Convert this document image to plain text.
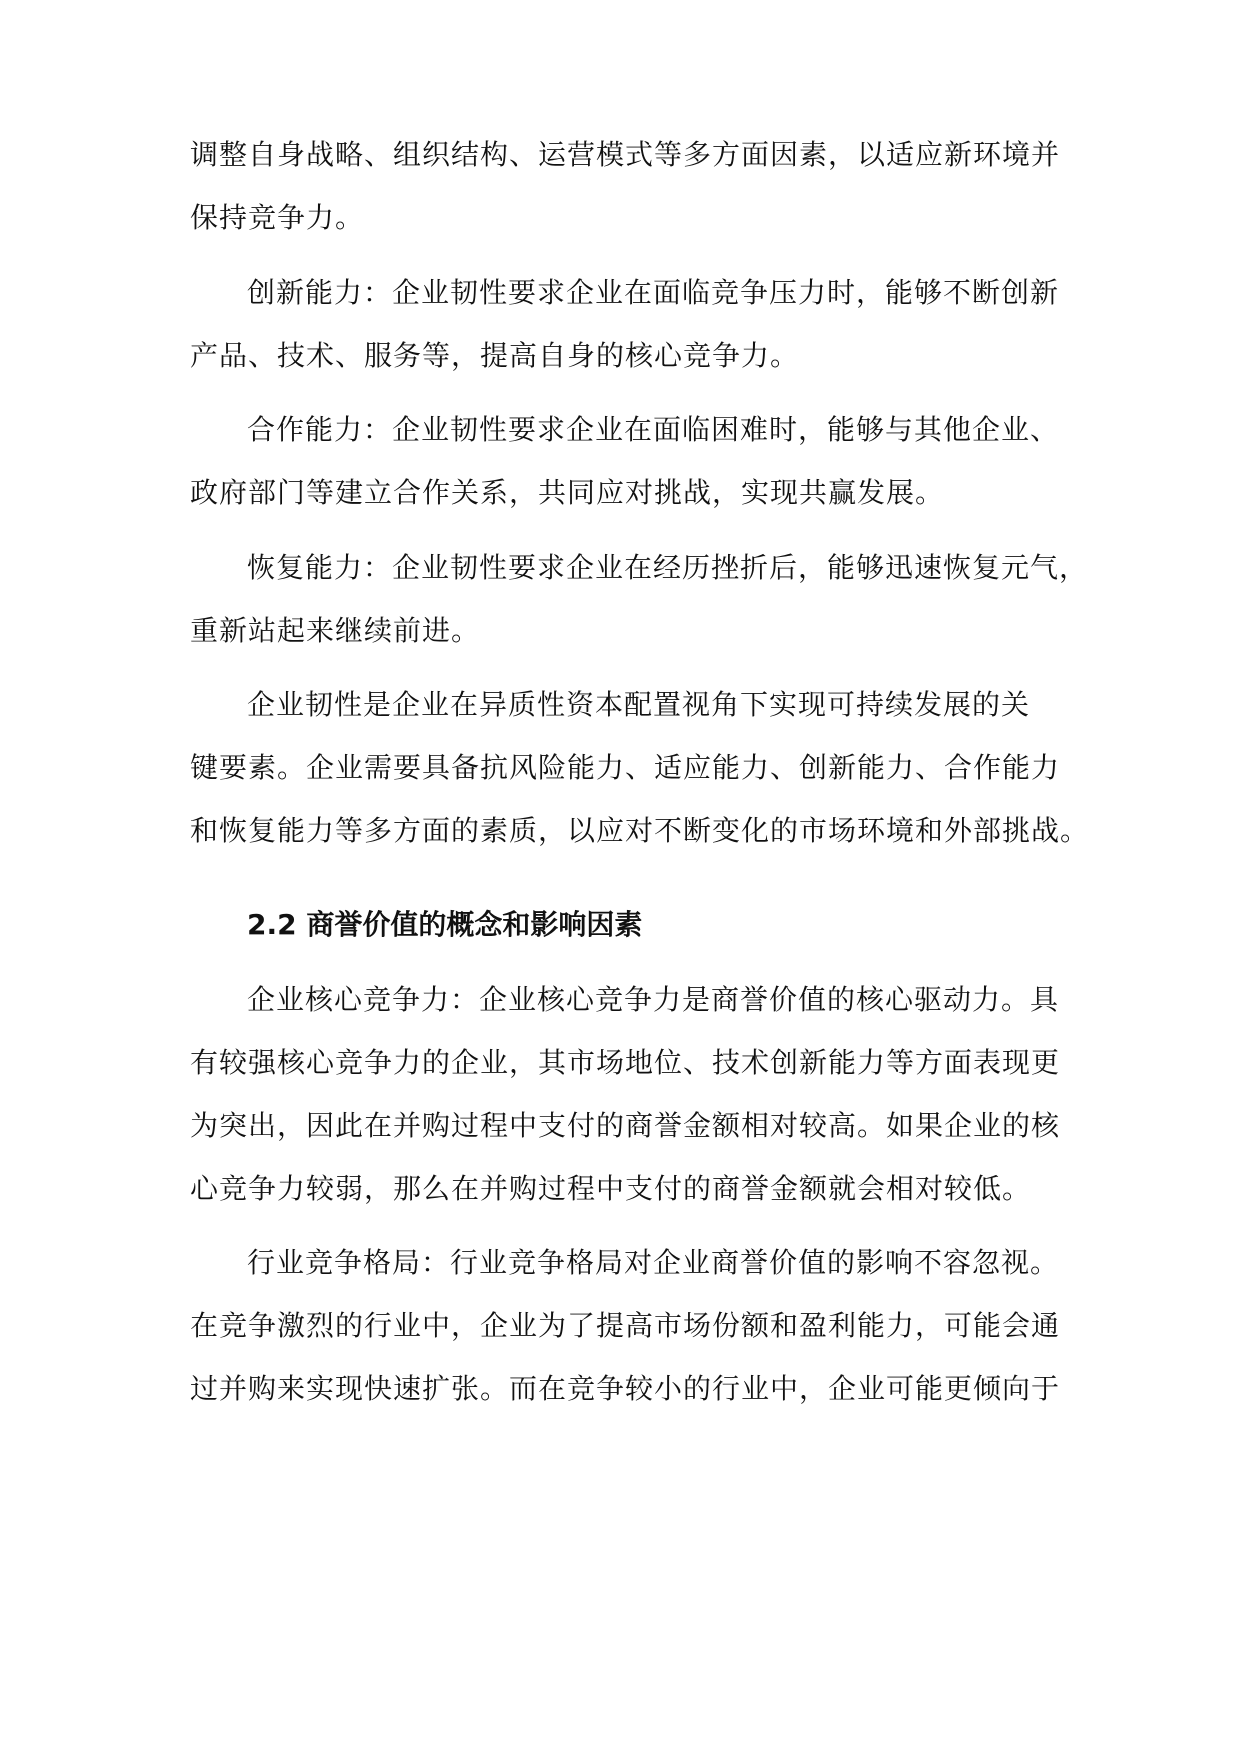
调整自身战略、组织结构、运营模式等多方面因素，以适应新环境并
保持竞争力。
创新能力：企业韧性要求企业在面临竞争压力时，能够不断创新
产品、技术、服务等，提高自身的核心竞争力。
合作能力：企业韧性要求企业在面临困难时，能够与其他企业、
政府部门等建立合作关系，共同应对挑战，实现共赢发展。
恢复能力：企业韧性要求企业在经历挫折后，能够迅速恢复元气，
重新站起来继续前进。
企业韧性是企业在异质性资本配置视角下实现可持续发展的关
键要素。企业需要具备抗风险能力、适应能力、创新能力、合作能力
和恢复能力等多方面的素质，以应对不断变化的市场环境和外部挑战。
2.2 商誉价值的概念和影响因素
企业核心竞争力：企业核心竞争力是商誉价值的核心驱动力。具
有较强核心竞争力的企业，其市场地位、技术创新能力等方面表现更
为突出，因此在并购过程中支付的商誉金额相对较高。如果企业的核
心竞争力较弱，那么在并购过程中支付的商誉金额就会相对较低。
行业竞争格局：行业竞争格局对企业商誉价值的影响不容忽视。
在竞争激烈的行业中，企业为了提高市场份额和盈利能力，可能会通
过并购来实现快速扩张。而在竞争较小的行业中，企业可能更倾向于
